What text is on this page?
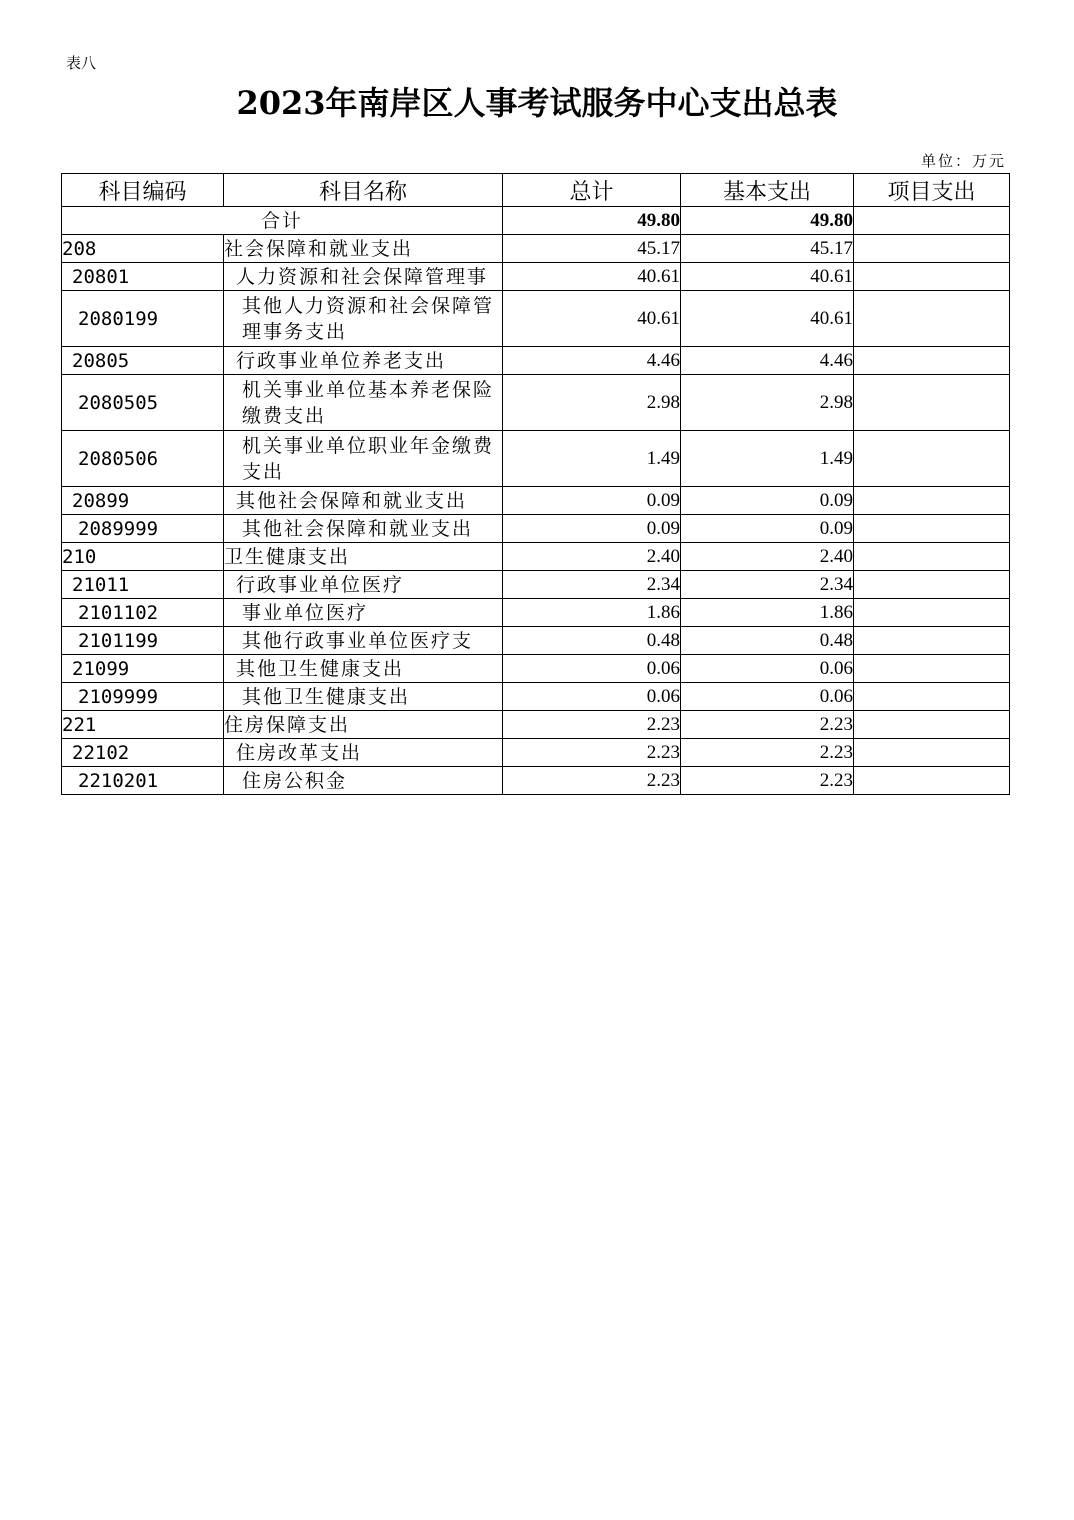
表八
2023年南岸区人事考试服务中心支出总表
单位：万元
科目编码	科目名称	总计	基本支出	项目支出
合计		49.80	49.80	
208	社会保障和就业支出	45.17	45.17	
20801	人力资源和社会保障管理事	40.61	40.61	
2080199	其他人力资源和社会保障管理事务支出	40.61	40.61	
20805	行政事业单位养老支出	4.46	4.46	
2080505	机关事业单位基本养老保险缴费支出	2.98	2.98	
2080506	机关事业单位职业年金缴费支出	1.49	1.49	
20899	其他社会保障和就业支出	0.09	0.09	
2089999	其他社会保障和就业支出	0.09	0.09	
210	卫生健康支出	2.40	2.40	
21011	行政事业单位医疗	2.34	2.34	
2101102	事业单位医疗	1.86	1.86	
2101199	其他行政事业单位医疗支	0.48	0.48	
21099	其他卫生健康支出	0.06	0.06	
2109999	其他卫生健康支出	0.06	0.06	
221	住房保障支出	2.23	2.23	
22102	住房改革支出	2.23	2.23	
2210201	住房公积金	2.23	2.23	
